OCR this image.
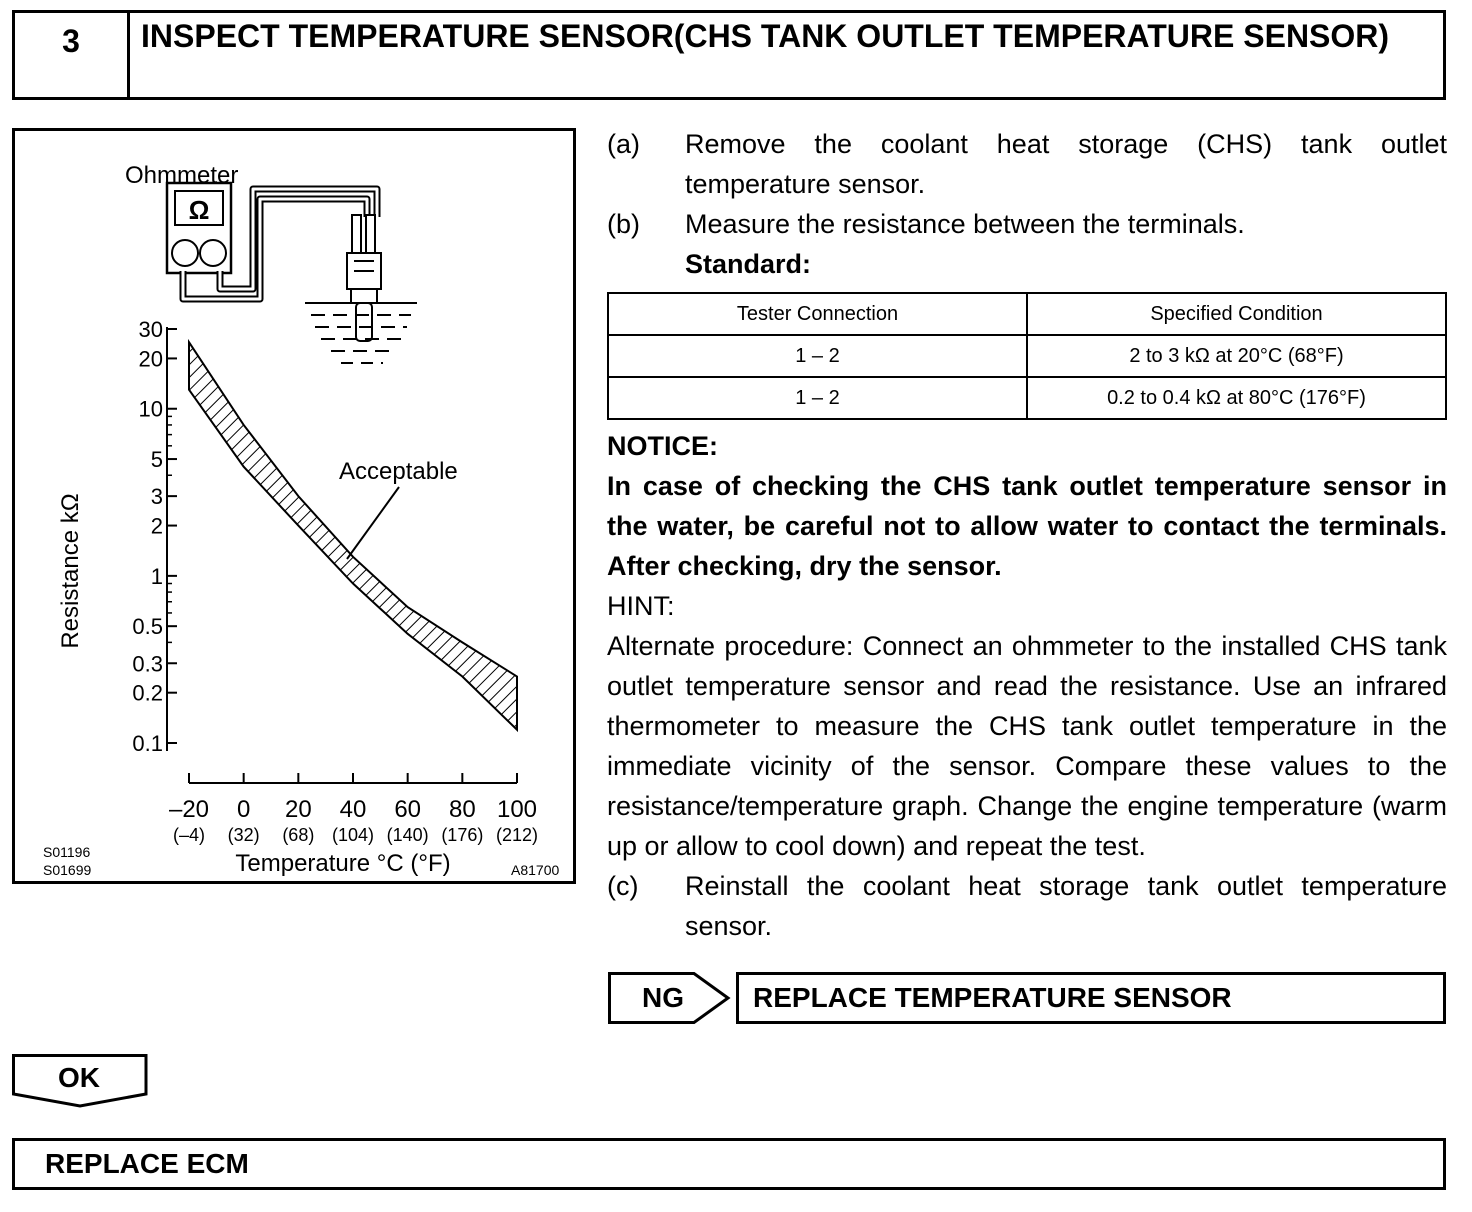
3	INSPECT TEMPERATURE SENSOR(CHS TANK OUTLET TEMPERATURE SENSOR)
Ω
Ohmmeter
30
20
10
5
3
2
1
0.5
0.3
0.2
0.1
–20
(–4)
0
(32)
20
(68)
40
(104)
60
(140)
80
(176)
100
(212)
Acceptable
Resistance kΩ
Temperature °C (°F)
S01196
S01699	A81700
(a) Remove the coolant heat storage (CHS) tank outlet temperature sensor.
(b) Measure the resistance between the terminals.
Standard:
Tester Connection	Specified Condition
1 – 2	2 to 3 kΩ at 20°C (68°F)
1 – 2	0.2 to 0.4 kΩ at 80°C (176°F)
NOTICE:
In case of checking the CHS tank outlet temperature sensor in the water, be careful not to allow water to contact the terminals. After checking, dry the sensor.
HINT:
Alternate procedure: Connect an ohmmeter to the installed CHS tank outlet temperature sensor and read the resistance. Use an infrared thermometer to measure the CHS tank outlet temperature in the immediate vicinity of the sensor. Compare these values to the resistance/temperature graph. Change the engine temperature (warm up or allow to cool down) and repeat the test.
(c) Reinstall the coolant heat storage tank outlet temperature sensor.
NG	REPLACE TEMPERATURE SENSOR
OK
REPLACE ECM
